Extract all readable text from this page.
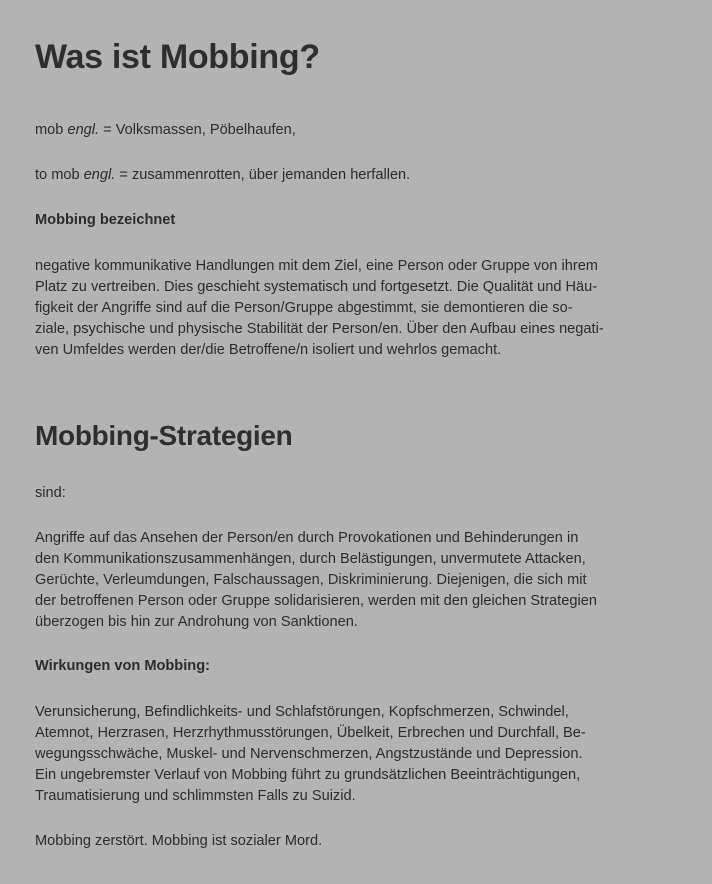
Was ist Mobbing?

mob engl. = Volksmassen, Pöbelhaufen,

to mob engl. = zusammenrotten, über jemanden herfallen.

Mobbing bezeichnet

negative kommunikative Handlungen mit dem Ziel, eine Person oder Gruppe von ihrem
Platz zu vertreiben. Dies geschieht systematisch und fortgesetzt. Die Qualität und Häu-
figkeit der Angriffe sind auf die Person/Gruppe abgestimmt, sie demontieren die so-
ziale, psychische und physische Stabilität der Person/en. Über den Aufbau eines negati-
ven Umfeldes werden der/die Betroffene/n isoliert und wehrlos gemacht.

Mobbing-Strategien

sind:

Angriffe auf das Ansehen der Person/en durch Provokationen und Behinderungen in
den Kommunikationszusammenhängen, durch Belästigungen, unvermutete Attacken,
Gerüchte, Verleumdungen, Falschaussagen, Diskriminierung. Diejenigen, die sich mit
der betroffenen Person oder Gruppe solidarisieren, werden mit den gleichen Strategien
überzogen bis hin zur Androhung von Sanktionen.

Wirkungen von Mobbing:

Verunsicherung, Befindlichkeits- und Schlafstörungen, Kopfschmerzen, Schwindel,
Atemnot, Herzrasen, Herzrhythmusstörungen, Übelkeit, Erbrechen und Durchfall, Be-
wegungsschwäche, Muskel- und Nervenschmerzen, Angstzustände und Depression.
Ein ungebremster Verlauf von Mobbing führt zu grundsätzlichen Beeinträchtigungen,
Traumatisierung und schlimmsten Falls zu Suizid.

Mobbing zerstört. Mobbing ist sozialer Mord.
